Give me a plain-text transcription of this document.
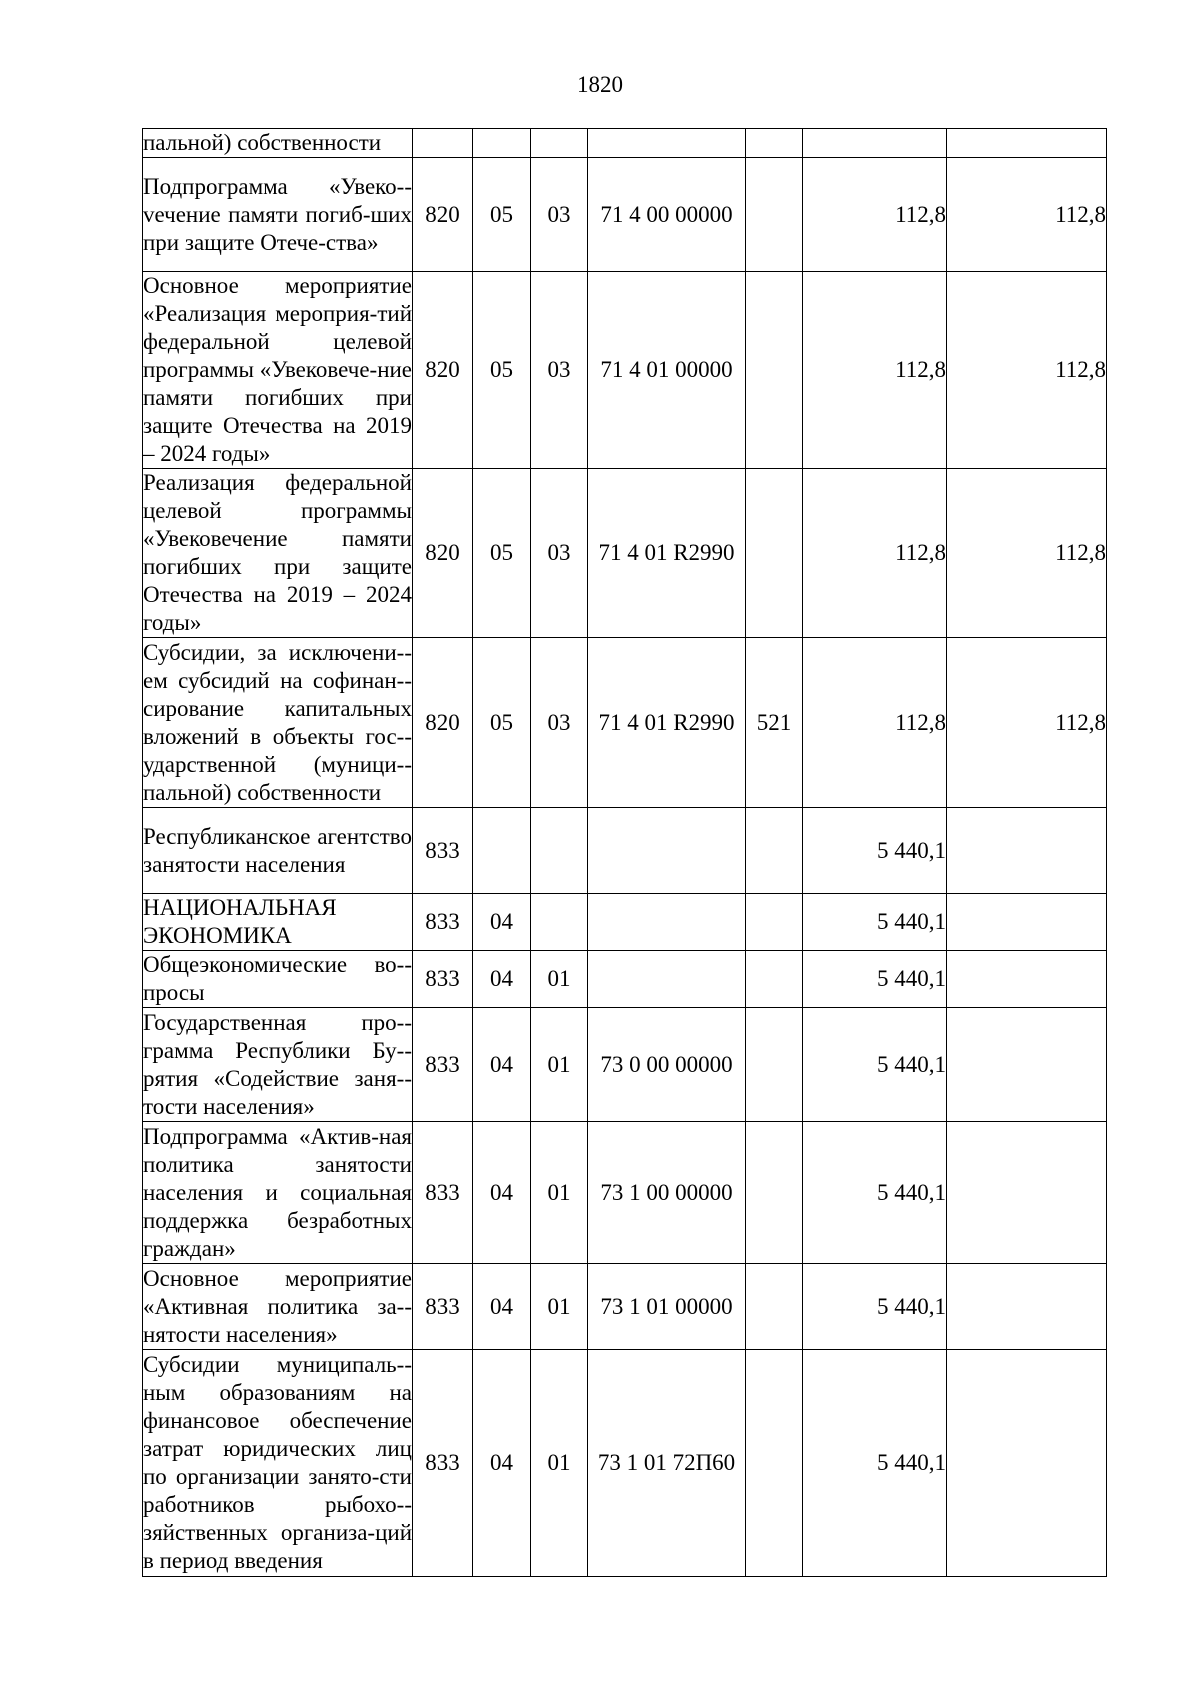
1820
пальной) собственности							
Подпрограмма «Увеко-vечение памяти погиб-ших при защите Отече-ства»	820	05	03	71 4 00 00000		112,8	112,8
Основное мероприятие «Реализация мероприя-тий федеральной целевой программы «Увековече-ние памяти погибших при защите Отечества на 2019 – 2024 годы»	820	05	03	71 4 01 00000		112,8	112,8
Реализация федеральной целевой программы «Увековечение памяти погибших при защите Отечества на 2019 – 2024 годы»	820	05	03	71 4 01 R2990		112,8	112,8
Субсидии, за исключени-ем субсидий на софинан-сирование капитальных вложений в объекты гос-ударственной (муници-пальной) собственности	820	05	03	71 4 01 R2990	521	112,8	112,8
Республиканское агентство занятости населения	833					5 440,1	
НАЦИОНАЛЬНАЯ ЭКОНОМИКА	833	04				5 440,1	
Общеэкономические во-просы	833	04	01			5 440,1	
Государственная про-грамма Республики Бу-рятия «Содействие заня-тости населения»	833	04	01	73 0 00 00000		5 440,1	
Подпрограмма «Актив-ная политика занятости населения и социальная поддержка безработных граждан»	833	04	01	73 1 00 00000		5 440,1	
Основное мероприятие «Активная политика за-нятости населения»	833	04	01	73 1 01 00000		5 440,1	
Субсидии муниципаль-ным образованиям на финансовое обеспечение затрат юридических лиц по организации занято-сти работников рыбохо-зяйственных организа-ций в период введения	833	04	01	73 1 01 72П60		5 440,1	
